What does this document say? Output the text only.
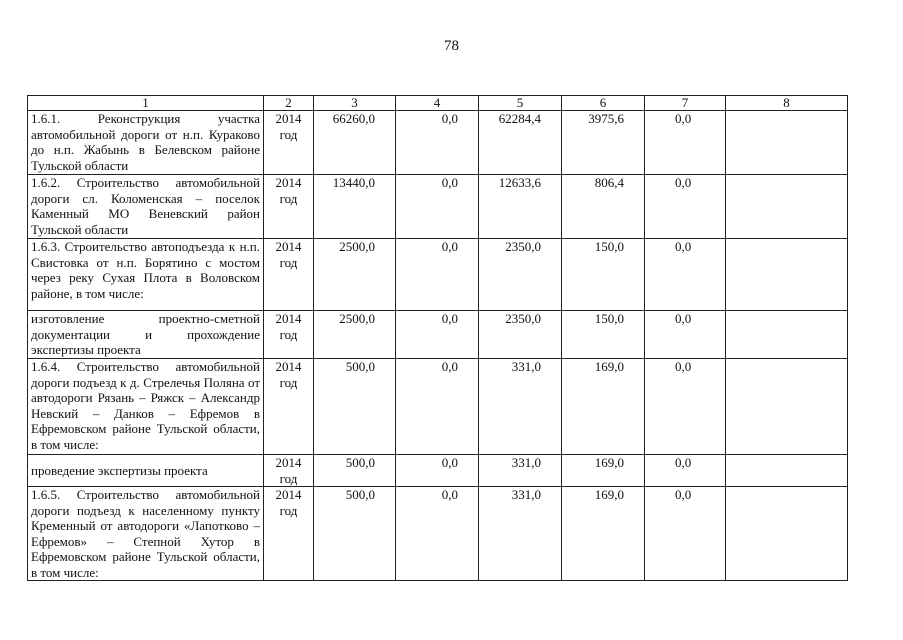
78
1	2	3	4	5	6	7	8
1.6.1. Реконструкция участка автомобильной дороги от н.п. Кураково до н.п. Жабынь в Белевском районе Тульской области	2014 год	66260,0	0,0	62284,4	3975,6	0,0	
1.6.2. Строительство автомобильной дороги сл. Коломенская – поселок Каменный МО Веневский район Тульской области	2014 год	13440,0	0,0	12633,6	806,4	0,0	
1.6.3. Строительство автоподъезда к н.п. Свистовка от н.п. Борятино с мостом через реку Сухая Плота в Воловском районе, в том числе:	2014 год	2500,0	0,0	2350,0	150,0	0,0	
изготовление проектно-сметной документации и прохождение экспертизы проекта	2014 год	2500,0	0,0	2350,0	150,0	0,0	
1.6.4. Строительство автомобильной дороги подъезд к д. Стрелечья Поляна от автодороги Рязань – Ряжск – Александр Невский – Данков – Ефремов в Ефремовском районе Тульской области, в том числе:	2014 год	500,0	0,0	331,0	169,0	0,0	
проведение экспертизы проекта	2014 год	500,0	0,0	331,0	169,0	0,0	
1.6.5. Строительство автомобильной дороги подъезд к населенному пункту Кременный от автодороги «Лапотково – Ефремов» – Степной Хутор в Ефремовском районе Тульской области, в том числе:	2014 год	500,0	0,0	331,0	169,0	0,0	
